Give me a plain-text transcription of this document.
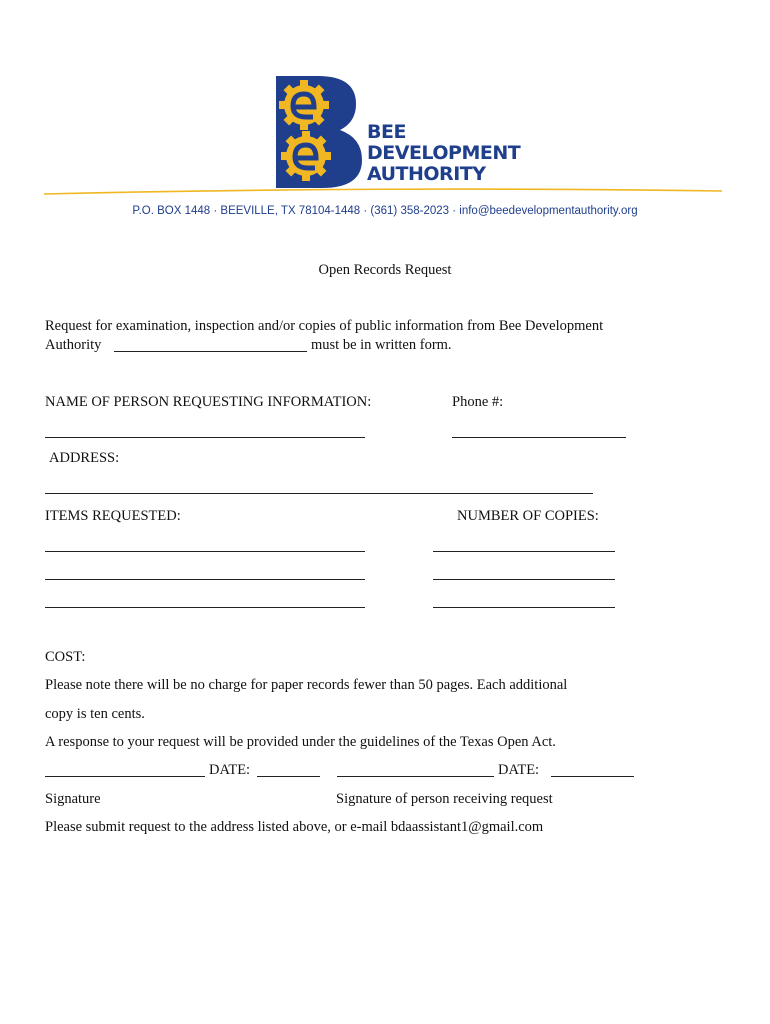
BEE
DEVELOPMENT
AUTHORITY
P.O. BOX 1448 · BEEVILLE, TX 78104-1448 · (361) 358-2023 · info@beedevelopmentauthority.org
Open Records Request
Request for examination, inspection and/or copies of public information from Bee Development
Authority	must be in written form.
NAME OF PERSON REQUESTING INFORMATION:	Phone #:
ADDRESS:
ITEMS REQUESTED:	NUMBER OF COPIES:
COST:
Please note there will be no charge for paper records fewer than 50 pages. Each additional
copy is ten cents.
A response to your request will be provided under the guidelines of the Texas Open Act.
DATE:	DATE:
Signature	Signature of person receiving request
Please submit request to the address listed above, or e-mail bdaassistant1@gmail.com
